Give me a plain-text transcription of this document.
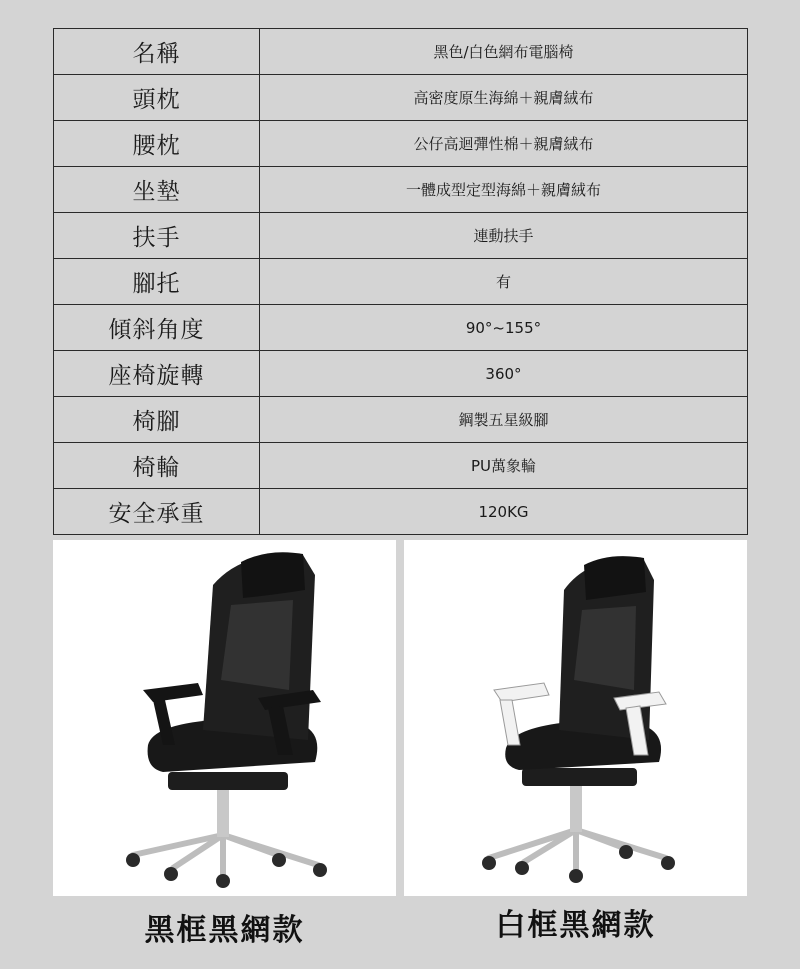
名稱	黑色/白色網布電腦椅
頭枕	高密度原生海綿＋親膚絨布
腰枕	公仔高迴彈性棉＋親膚絨布
坐墊	一體成型定型海綿＋親膚絨布
扶手	連動扶手
腳托	有
傾斜角度	90°~155°
座椅旋轉	360°
椅腳	鋼製五星級腳
椅輪	PU萬象輪
安全承重	120KG
黑框黑網款	白框黑網款
